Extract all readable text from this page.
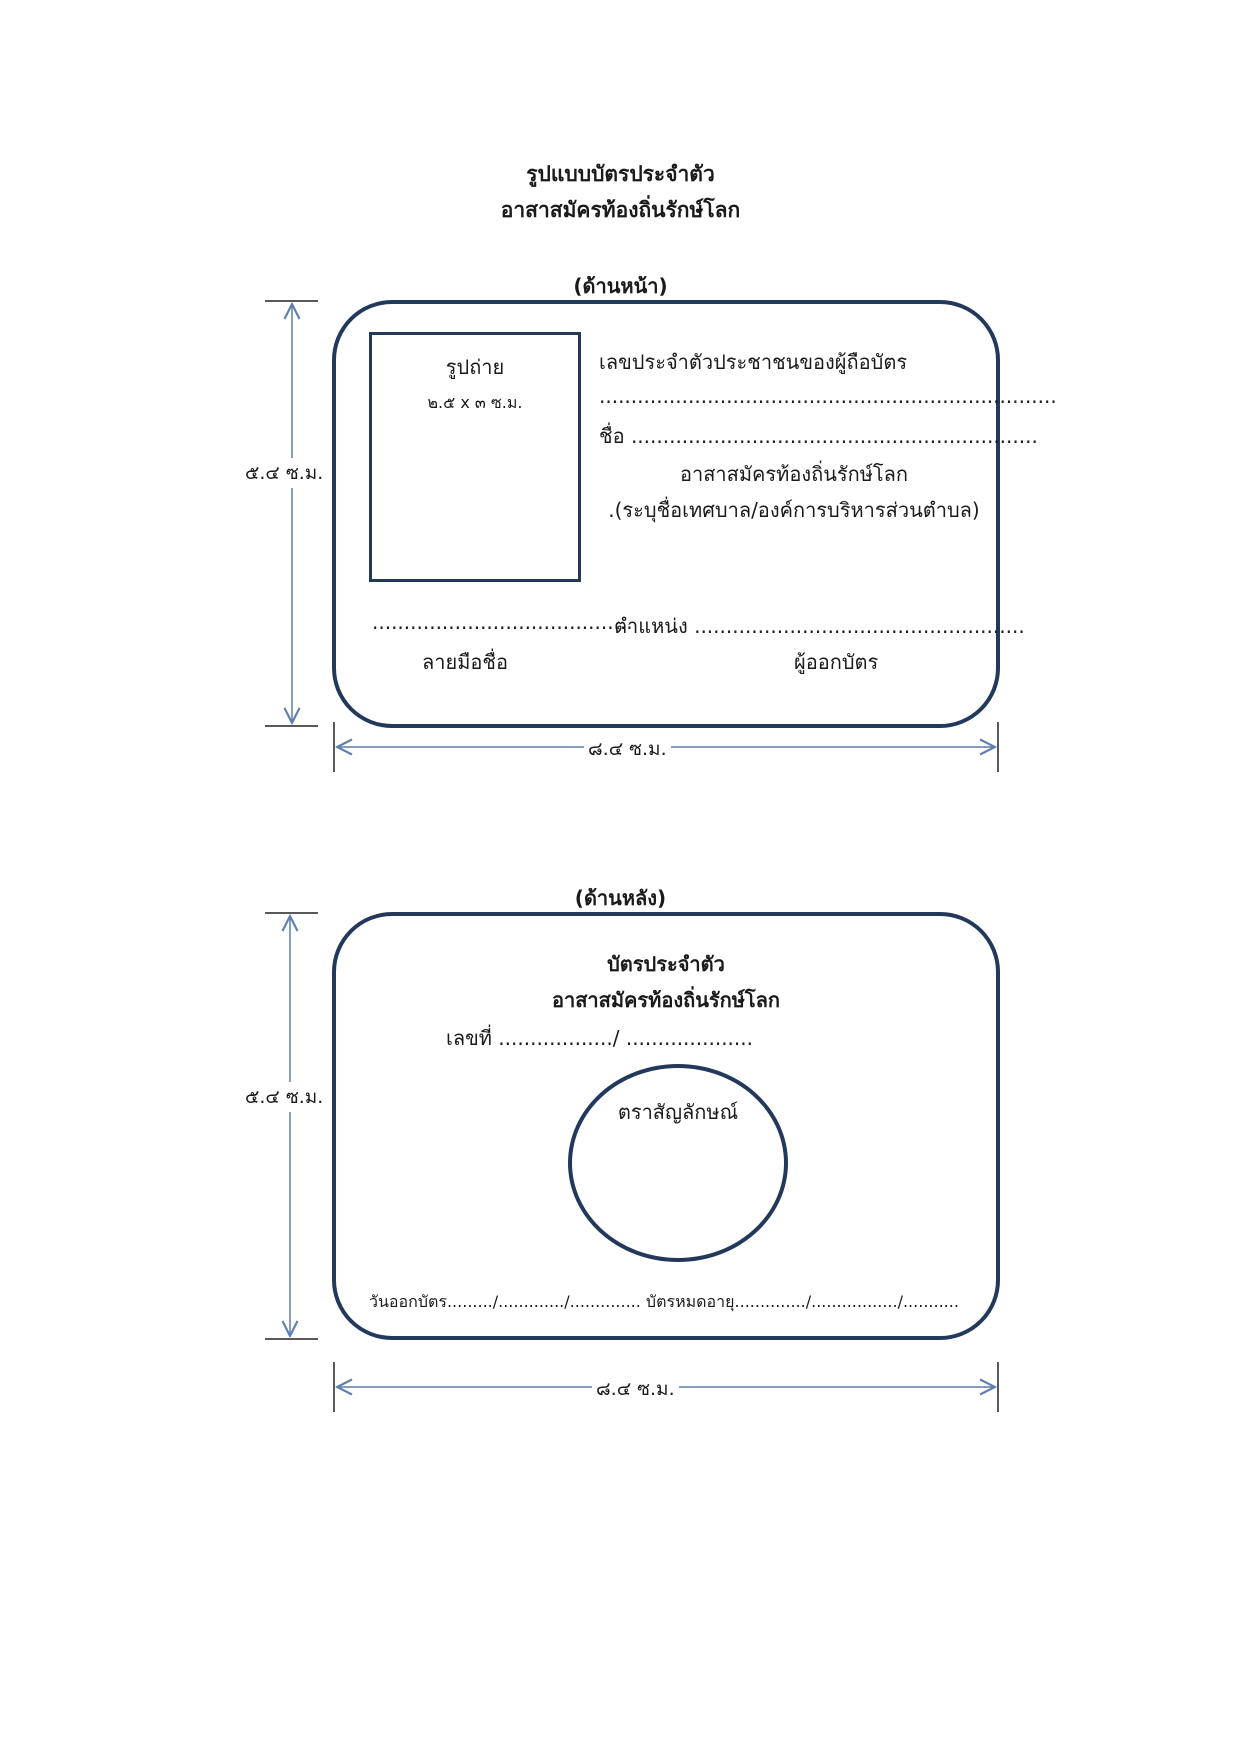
รูปแบบบัตรประจำตัว
อาสาสมัครท้องถิ่นรักษ์โลก
(ด้านหน้า)
๕.๔ ซ.ม.
๘.๔ ซ.ม.
รูปถ่าย
๒.๕ x ๓ ซ.ม.
เลขประจำตัวประชาชนของผู้ถือบัตร
........................................................................
ชื่อ ................................................................
อาสาสมัครท้องถิ่นรักษ์โลก
.(ระบุชื่อเทศบาล/องค์การบริหารส่วนตำบล)
.........................................
ตำแหน่ง ....................................................
ลายมือชื่อ	ผู้ออกบัตร
(ด้านหลัง)
๕.๔ ซ.ม.
๘.๔ ซ.ม.
บัตรประจำตัว
อาสาสมัครท้องถิ่นรักษ์โลก
เลขที่ ................../ ....................
ตราสัญลักษณ์
วันออกบัตร........./............./.............. บัตรหมดอายุ............../................./...........
